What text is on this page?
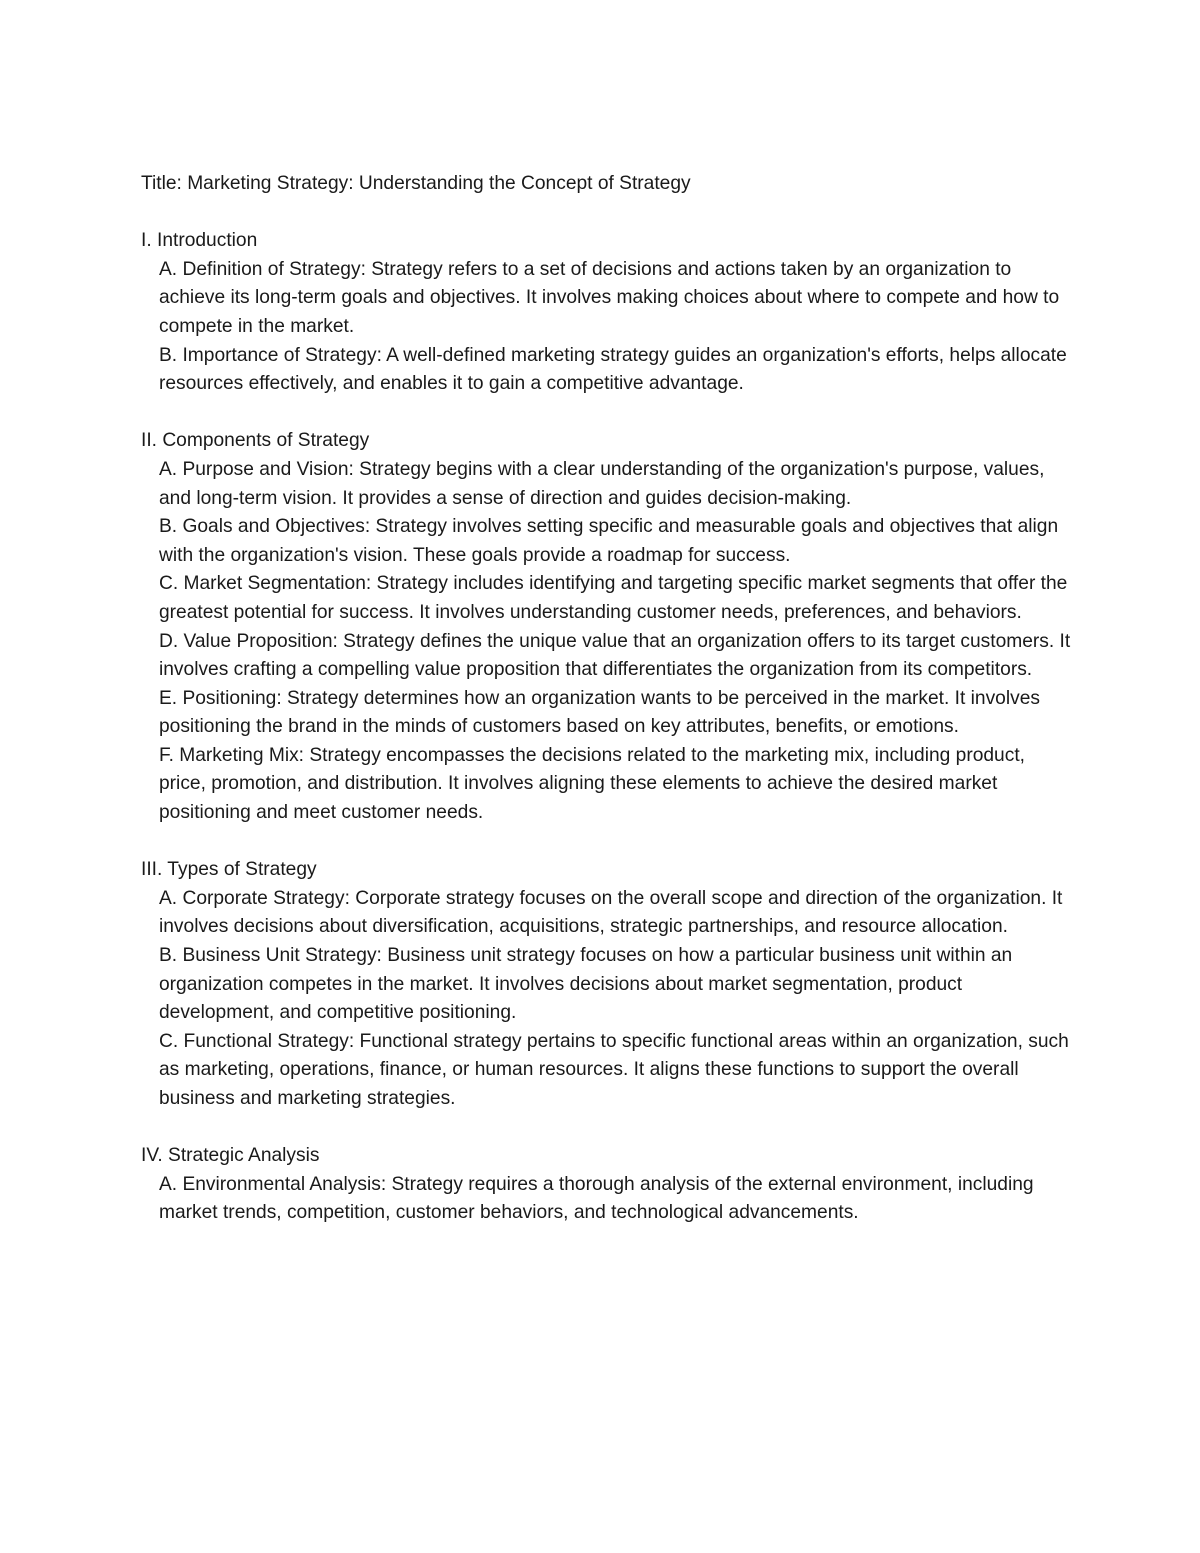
Title: Marketing Strategy: Understanding the Concept of Strategy
I. Introduction
A. Definition of Strategy: Strategy refers to a set of decisions and actions taken by an organization to achieve its long-term goals and objectives. It involves making choices about where to compete and how to compete in the market.
B. Importance of Strategy: A well-defined marketing strategy guides an organization's efforts, helps allocate resources effectively, and enables it to gain a competitive advantage.
II. Components of Strategy
A. Purpose and Vision: Strategy begins with a clear understanding of the organization's purpose, values, and long-term vision. It provides a sense of direction and guides decision-making.
B. Goals and Objectives: Strategy involves setting specific and measurable goals and objectives that align with the organization's vision. These goals provide a roadmap for success.
C. Market Segmentation: Strategy includes identifying and targeting specific market segments that offer the greatest potential for success. It involves understanding customer needs, preferences, and behaviors.
D. Value Proposition: Strategy defines the unique value that an organization offers to its target customers. It involves crafting a compelling value proposition that differentiates the organization from its competitors.
E. Positioning: Strategy determines how an organization wants to be perceived in the market. It involves positioning the brand in the minds of customers based on key attributes, benefits, or emotions.
F. Marketing Mix: Strategy encompasses the decisions related to the marketing mix, including product, price, promotion, and distribution. It involves aligning these elements to achieve the desired market positioning and meet customer needs.
III. Types of Strategy
A. Corporate Strategy: Corporate strategy focuses on the overall scope and direction of the organization. It involves decisions about diversification, acquisitions, strategic partnerships, and resource allocation.
B. Business Unit Strategy: Business unit strategy focuses on how a particular business unit within an organization competes in the market. It involves decisions about market segmentation, product development, and competitive positioning.
C. Functional Strategy: Functional strategy pertains to specific functional areas within an organization, such as marketing, operations, finance, or human resources. It aligns these functions to support the overall business and marketing strategies.
IV. Strategic Analysis
A. Environmental Analysis: Strategy requires a thorough analysis of the external environment, including market trends, competition, customer behaviors, and technological advancements.
